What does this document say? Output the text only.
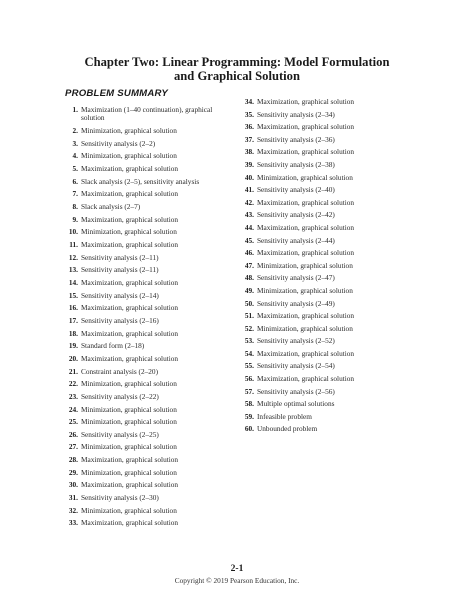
Chapter Two: Linear Programming: Model Formulation
and Graphical Solution
PROBLEM SUMMARY
1. Maximization (1–40 continuation), graphical solution
2. Minimization, graphical solution
3. Sensitivity analysis (2–2)
4. Minimization, graphical solution
5. Maximization, graphical solution
6. Slack analysis (2–5), sensitivity analysis
7. Maximization, graphical solution
8. Slack analysis (2–7)
9. Maximization, graphical solution
10. Minimization, graphical solution
11. Maximization, graphical solution
12. Sensitivity analysis (2–11)
13. Sensitivity analysis (2–11)
14. Maximization, graphical solution
15. Sensitivity analysis (2–14)
16. Maximization, graphical solution
17. Sensitivity analysis (2–16)
18. Maximization, graphical solution
19. Standard form (2–18)
20. Maximization, graphical solution
21. Constraint analysis (2–20)
22. Minimization, graphical solution
23. Sensitivity analysis (2–22)
24. Minimization, graphical solution
25. Minimization, graphical solution
26. Sensitivity analysis (2–25)
27. Minimization, graphical solution
28. Maximization, graphical solution
29. Minimization, graphical solution
30. Maximization, graphical solution
31. Sensitivity analysis (2–30)
32. Minimization, graphical solution
33. Maximization, graphical solution
34. Maximization, graphical solution
35. Sensitivity analysis (2–34)
36. Maximization, graphical solution
37. Sensitivity analysis (2–36)
38. Maximization, graphical solution
39. Sensitivity analysis (2–38)
40. Minimization, graphical solution
41. Sensitivity analysis (2–40)
42. Maximization, graphical solution
43. Sensitivity analysis (2–42)
44. Maximization, graphical solution
45. Sensitivity analysis (2–44)
46. Maximization, graphical solution
47. Minimization, graphical solution
48. Sensitivity analysis (2–47)
49. Minimization, graphical solution
50. Sensitivity analysis (2–49)
51. Maximization, graphical solution
52. Minimization, graphical solution
53. Sensitivity analysis (2–52)
54. Maximization, graphical solution
55. Sensitivity analysis (2–54)
56. Maximization, graphical solution
57. Sensitivity analysis (2–56)
58. Multiple optimal solutions
59. Infeasible problem
60. Unbounded problem
2-1
Copyright © 2019 Pearson Education, Inc.
